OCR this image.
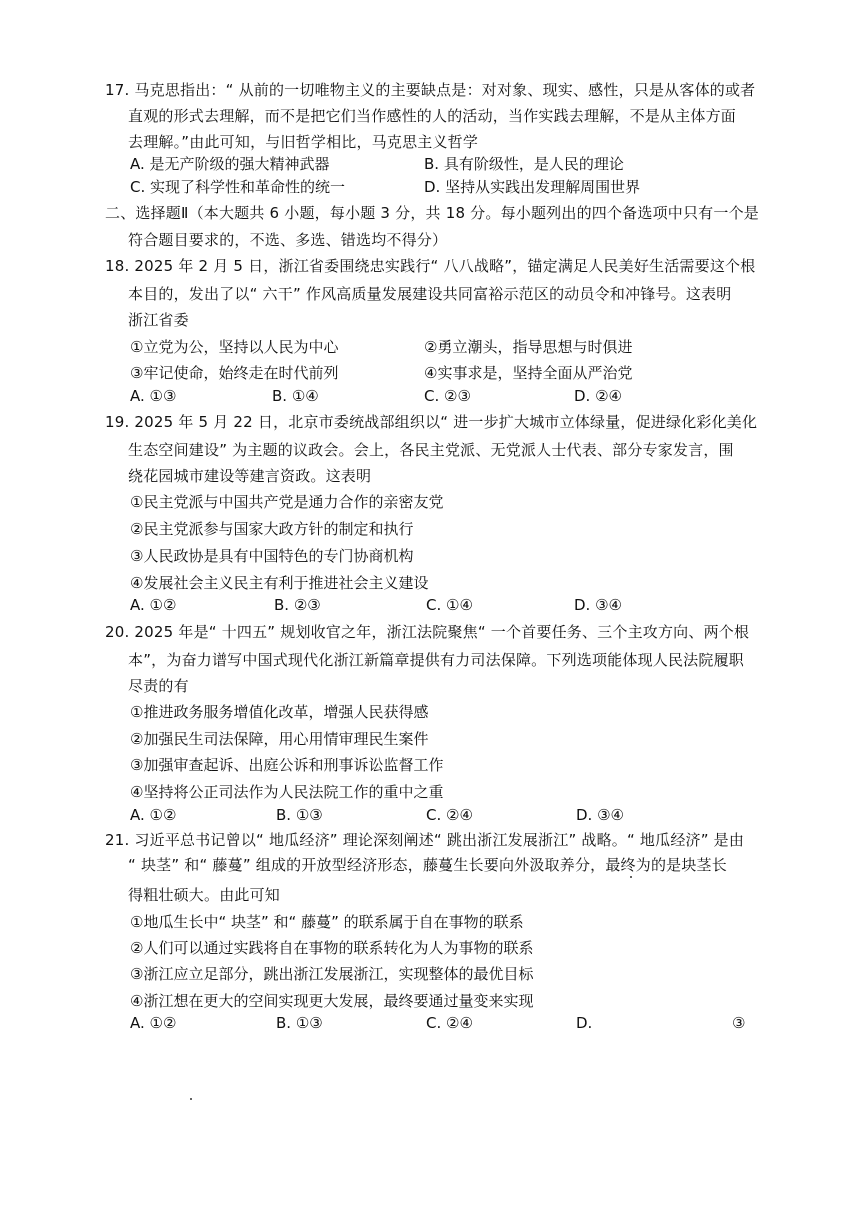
17. 马克思指出：“ 从前的一切唯物主义的主要缺点是：对对象、现实、感性，只是从客体的或者
直观的形式去理解，而不是把它们当作感性的人的活动，当作实践去理解，不是从主体方面
去理解。”由此可知，与旧哲学相比，马克思主义哲学
A. 是无产阶级的强大精神武器	B. 具有阶级性，是人民的理论
C. 实现了科学性和革命性的统一	D. 坚持从实践出发理解周围世界
二、选择题Ⅱ（本大题共 6 小题，每小题 3 分，共 18 分。每小题列出的四个备选项中只有一个是
符合题目要求的，不选、多选、错选均不得分）
18. 2025 年 2 月 5 日，浙江省委围绕忠实践行“ 八八战略”，锚定满足人民美好生活需要这个根
本目的，发出了以“ 六干” 作风高质量发展建设共同富裕示范区的动员令和冲锋号。这表明
浙江省委
①立党为公，坚持以人民为中心	②勇立潮头，指导思想与时俱进
③牢记使命，始终走在时代前列	④实事求是，坚持全面从严治党
A. ①③	B. ①④	C. ②③	D. ②④
19. 2025 年 5 月 22 日，北京市委统战部组织以“ 进一步扩大城市立体绿量，促进绿化彩化美化
生态空间建设” 为主题的议政会。会上，各民主党派、无党派人士代表、部分专家发言，围
绕花园城市建设等建言资政。这表明
①民主党派与中国共产党是通力合作的亲密友党
②民主党派参与国家大政方针的制定和执行
③人民政协是具有中国特色的专门协商机构
④发展社会主义民主有利于推进社会主义建设
A. ①②	B. ②③	C. ①④	D. ③④
20. 2025 年是“ 十四五” 规划收官之年，浙江法院聚焦“ 一个首要任务、三个主攻方向、两个根
本”，为奋力谱写中国式现代化浙江新篇章提供有力司法保障。下列选项能体现人民法院履职
尽责的有
①推进政务服务增值化改革，增强人民获得感
②加强民生司法保障，用心用情审理民生案件
③加强审查起诉、出庭公诉和刑事诉讼监督工作
④坚持将公正司法作为人民法院工作的重中之重
A. ①②	B. ①③	C. ②④	D. ③④
21. 习近平总书记曾以“ 地瓜经济” 理论深刻阐述“ 跳出浙江发展浙江” 战略。“ 地瓜经济” 是由
“ 块茎” 和“ 藤蔓” 组成的开放型经济形态，藤蔓生长要向外汲取养分，最终为的是块茎长
得粗壮硕大。由此可知
①地瓜生长中“ 块茎” 和“ 藤蔓” 的联系属于自在事物的联系
②人们可以通过实践将自在事物的联系转化为人为事物的联系
③浙江应立足部分，跳出浙江发展浙江，实现整体的最优目标
④浙江想在更大的空间实现更大发展，最终要通过量变来实现
A. ①②	B. ①③	C. ②④	D.	③
